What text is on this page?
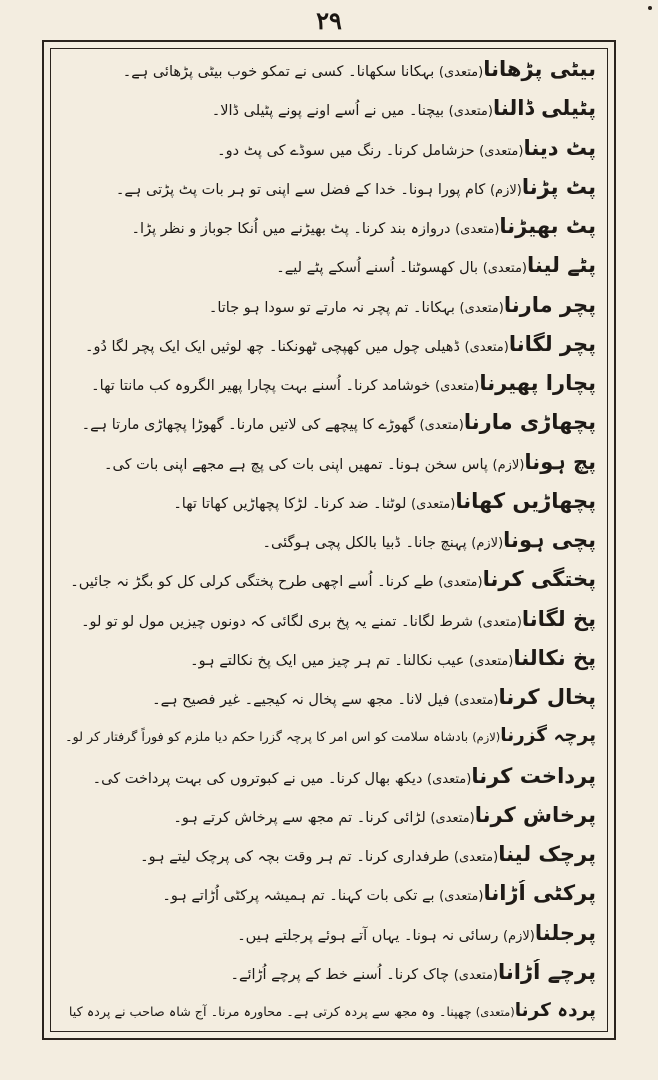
۲۹
بیٹی پڑھانا(متعدی) بہکانا سکھانا۔ کسی نے تمکو خوب بیٹی پڑھائی ہے۔
پٹیلی ڈالنا(متعدی) بیچنا۔ میں نے اُسے اونے پونے پٹیلی ڈالا۔
پٹ دینا(متعدی) حزشامل کرنا۔ رنگ میں سوڈے کی پٹ دو۔
پٹ پڑنا(لازم) کام پورا ہونا۔ خدا کے فضل سے اپنی تو ہر بات پٹ پڑتی ہے۔
پٹ بھیڑنا(متعدی) دروازہ بند کرنا۔ پٹ بھیڑنے میں اُنکا جوباز و نظر پڑا۔
پٹے لینا(متعدی) بال کھسوٹنا۔ اُسنے اُسکے پٹے لیے۔
پچر مارنا(متعدی) بہکانا۔ تم پچر نہ مارتے تو سودا ہو جاتا۔
پچر لگانا(متعدی) ڈھیلی چول میں کھپچی ٹھونکنا۔ چھ لوثیں ایک ایک پچر لگا دُو۔
پچارا پھیرنا(متعدی) خوشامد کرنا۔ اُسنے بہت پچارا پھیر الگروہ کب مانتا تھا۔
پچھاڑی مارنا(متعدی) گھوڑے کا پیچھے کی لاتیں مارنا۔ گھوڑا پچھاڑی مارتا ہے۔
پچ ہونا(لازم) پاس سخن ہونا۔ تمھیں اپنی بات کی پچ ہے مجھے اپنی بات کی۔
پچھاڑیں کھانا(متعدی) لوٹنا۔ ضد کرنا۔ لڑکا پچھاڑیں کھاتا تھا۔
پچی ہونا(لازم) پہنچ جانا۔ ڈبیا بالکل پچی ہوگئی۔
پختگی کرنا(متعدی) طے کرنا۔ اُسے اچھی طرح پختگی کرلی کل کو بگڑ نہ جائیں۔
پخ لگانا(متعدی) شرط لگانا۔ تمنے یہ پخ بری لگائی کہ دونوں چیزیں مول لو تو لو۔
پخ نکالنا(متعدی) عیب نکالنا۔ تم ہر چیز میں ایک پخ نکالتے ہو۔
پخال کرنا(متعدی) فیل لانا۔ مجھ سے پخال نہ کیجیے۔ غیر فصیح ہے۔
پرچہ گزرنا(لازم) بادشاہ سلامت کو اس امر کا پرچہ گزرا حکم دیا ملزم کو فوراً گرفتار کر لو۔
پرداخت کرنا(متعدی) دیکھ بھال کرنا۔ میں نے کبوتروں کی بہت پرداخت کی۔
پرخاش کرنا(متعدی) لڑائی کرنا۔ تم مجھ سے پرخاش کرتے ہو۔
پرچک لینا(متعدی) طرفداری کرنا۔ تم ہر وقت بچہ کی پرچک لیتے ہو۔
پرکٹی اُڑانا(متعدی) بے تکی بات کہنا۔ تم ہمیشہ پرکٹی اُڑاتے ہو۔
پرجلنا(لازم) رسائی نہ ہونا۔ یہاں آتے ہوئے پرجلتے ہیں۔
پرچے اُڑانا(متعدی) چاک کرنا۔ اُسنے خط کے پرچے اُڑائے۔
پردہ کرنا(متعدی) چھپنا۔ وہ مجھ سے پردہ کرتی ہے۔ محاورہ مرنا۔ آج شاہ صاحب نے پردہ کیا
